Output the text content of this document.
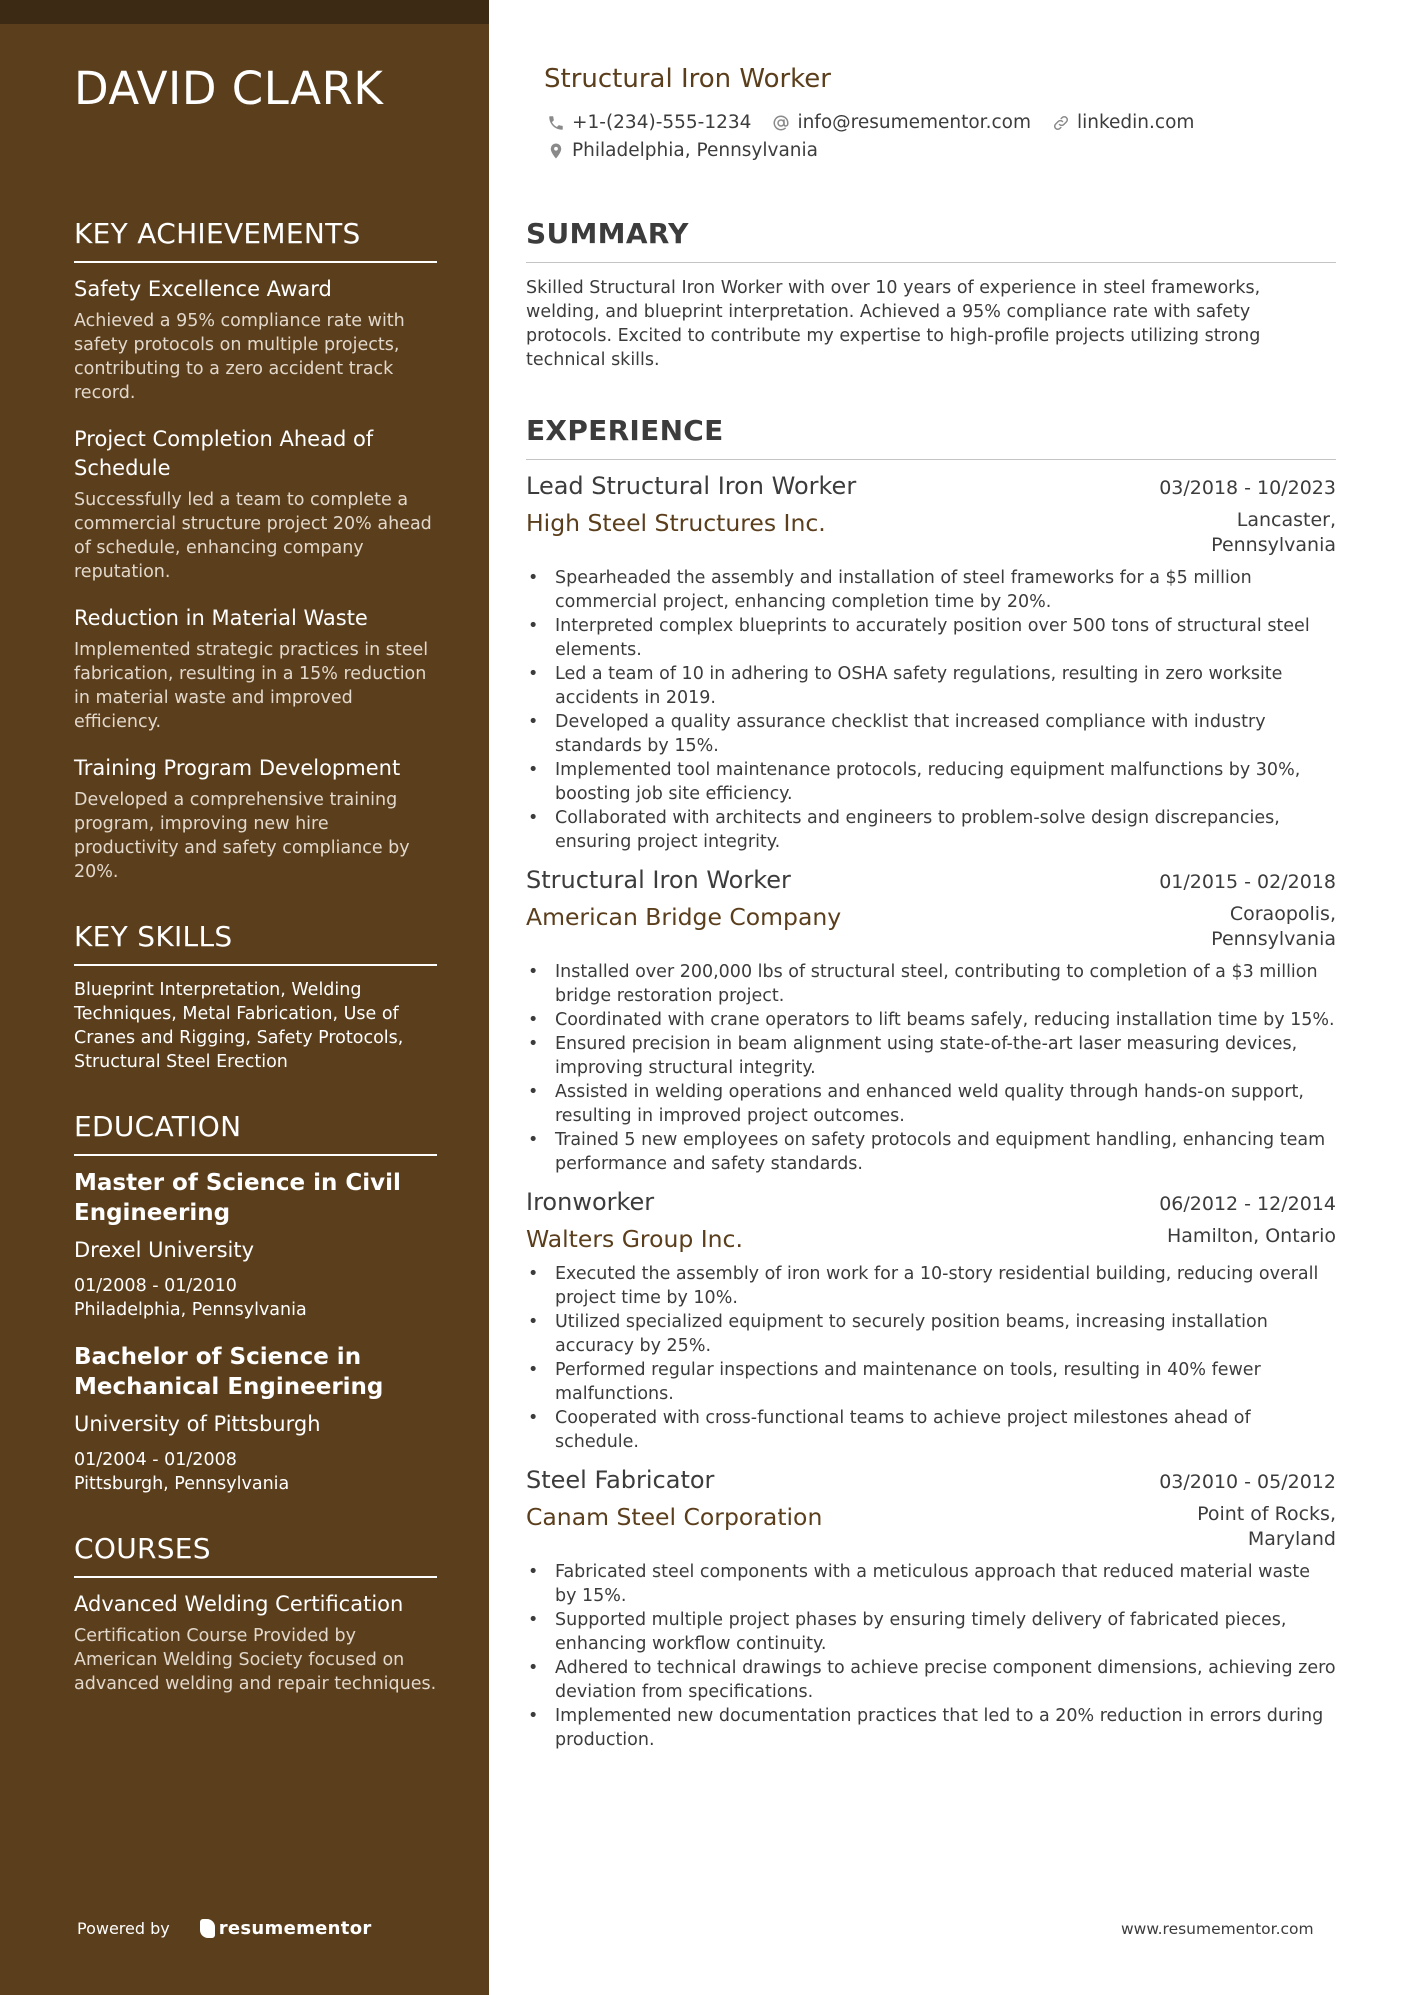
DAVID CLARK
KEY ACHIEVEMENTS
Safety Excellence Award
Achieved a 95% compliance rate with safety protocols on multiple projects, contributing to a zero accident track record.
Project Completion Ahead of Schedule
Successfully led a team to complete a commercial structure project 20% ahead of schedule, enhancing company reputation.
Reduction in Material Waste
Implemented strategic practices in steel fabrication, resulting in a 15% reduction in material waste and improved efficiency.
Training Program Development
Developed a comprehensive training program, improving new hire productivity and safety compliance by 20%.
KEY SKILLS

Blueprint Interpretation, Welding Techniques, Metal Fabrication, Use of Cranes and Rigging, Safety Protocols, Structural Steel Erection

EDUCATION
Master of Science in Civil Engineering
Drexel University
01/2008 - 01/2010
Philadelphia, Pennsylvania
Bachelor of Science in Mechanical Engineering
University of Pittsburgh
01/2004 - 01/2008
Pittsburgh, Pennsylvania
COURSES
Advanced Welding Certification
Certification Course Provided by American Welding Society focused on advanced welding and repair techniques.
Powered by	resumementor
Structural Iron Worker
+1-(234)-555-1234 info@resumementor.com linkedin.com
Philadelphia, Pennsylvania
SUMMARY

Skilled Structural Iron Worker with over 10 years of experience in steel frameworks, welding, and blueprint interpretation. Achieved a 95% compliance rate with safety protocols. Excited to contribute my expertise to high-profile projects utilizing strong technical skills.

EXPERIENCE
Lead Structural Iron Worker	03/2018 - 10/2023
High Steel Structures Inc.	Lancaster, Pennsylvania
• Spearheaded the assembly and installation of steel frameworks for a $5 million commercial project, enhancing completion time by 20%.
• Interpreted complex blueprints to accurately position over 500 tons of structural steel elements.
• Led a team of 10 in adhering to OSHA safety regulations, resulting in zero worksite accidents in 2019.
• Developed a quality assurance checklist that increased compliance with industry standards by 15%.
• Implemented tool maintenance protocols, reducing equipment malfunctions by 30%, boosting job site efficiency.
• Collaborated with architects and engineers to problem-solve design discrepancies, ensuring project integrity.
Structural Iron Worker	01/2015 - 02/2018
American Bridge Company	Coraopolis, Pennsylvania
• Installed over 200,000 lbs of structural steel, contributing to completion of a $3 million bridge restoration project.
• Coordinated with crane operators to lift beams safely, reducing installation time by 15%.
• Ensured precision in beam alignment using state-of-the-art laser measuring devices, improving structural integrity.
• Assisted in welding operations and enhanced weld quality through hands-on support, resulting in improved project outcomes.
• Trained 5 new employees on safety protocols and equipment handling, enhancing team performance and safety standards.
Ironworker	06/2012 - 12/2014
Walters Group Inc.	Hamilton, Ontario
• Executed the assembly of iron work for a 10-story residential building, reducing overall project time by 10%.
• Utilized specialized equipment to securely position beams, increasing installation accuracy by 25%.
• Performed regular inspections and maintenance on tools, resulting in 40% fewer malfunctions.
• Cooperated with cross-functional teams to achieve project milestones ahead of schedule.
Steel Fabricator	03/2010 - 05/2012
Canam Steel Corporation	Point of Rocks, Maryland
• Fabricated steel components with a meticulous approach that reduced material waste by 15%.
• Supported multiple project phases by ensuring timely delivery of fabricated pieces, enhancing workflow continuity.
• Adhered to technical drawings to achieve precise component dimensions, achieving zero deviation from specifications.
• Implemented new documentation practices that led to a 20% reduction in errors during production.
www.resumementor.com
